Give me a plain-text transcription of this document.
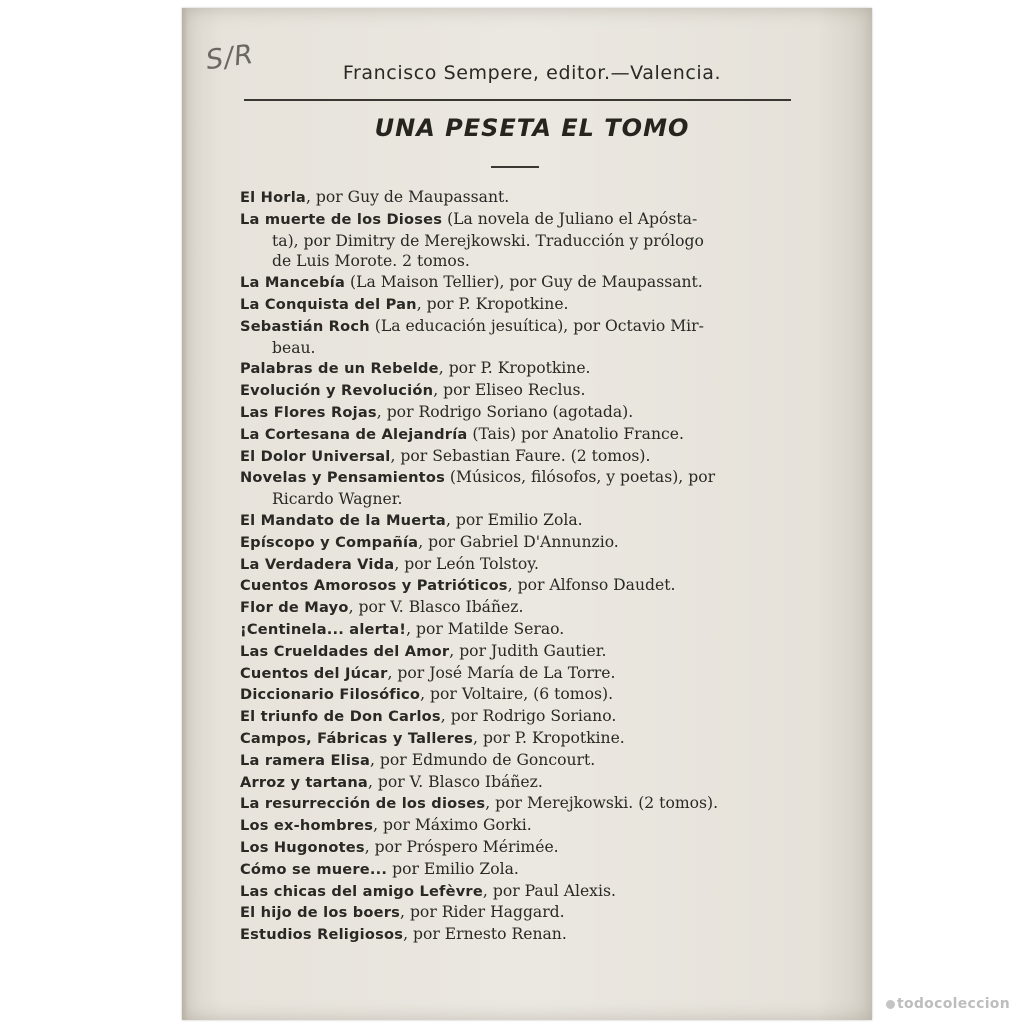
S/R	Francisco Sempere, editor.—Valencia.
UNA PESETA EL TOMO
El Horla, por Guy de Maupassant.
La muerte de los Dioses (La novela de Juliano el Apósta-
ta), por Dimitry de Merejkowski. Traducción y prólogo
de Luis Morote. 2 tomos.
La Mancebía (La Maison Tellier), por Guy de Maupassant.
La Conquista del Pan, por P. Kropotkine.
Sebastián Roch (La educación jesuítica), por Octavio Mir-
beau.
Palabras de un Rebelde, por P. Kropotkine.
Evolución y Revolución, por Eliseo Reclus.
Las Flores Rojas, por Rodrigo Soriano (agotada).
La Cortesana de Alejandría (Tais) por Anatolio France.
El Dolor Universal, por Sebastian Faure. (2 tomos).
Novelas y Pensamientos (Músicos, filósofos, y poetas), por
Ricardo Wagner.
El Mandato de la Muerta, por Emilio Zola.
Epíscopo y Compañía, por Gabriel D'Annunzio.
La Verdadera Vida, por León Tolstoy.
Cuentos Amorosos y Patrióticos, por Alfonso Daudet.
Flor de Mayo, por V. Blasco Ibáñez.
¡Centinela... alerta!, por Matilde Serao.
Las Crueldades del Amor, por Judith Gautier.
Cuentos del Júcar, por José María de La Torre.
Diccionario Filosófico, por Voltaire, (6 tomos).
El triunfo de Don Carlos, por Rodrigo Soriano.
Campos, Fábricas y Talleres, por P. Kropotkine.
La ramera Elisa, por Edmundo de Goncourt.
Arroz y tartana, por V. Blasco Ibáñez.
La resurrección de los dioses, por Merejkowski. (2 tomos).
Los ex-hombres, por Máximo Gorki.
Los Hugonotes, por Próspero Mérimée.
Cómo se muere... por Emilio Zola.
Las chicas del amigo Lefèvre, por Paul Alexis.
El hijo de los boers, por Rider Haggard.
Estudios Religiosos, por Ernesto Renan.
todocoleccion
